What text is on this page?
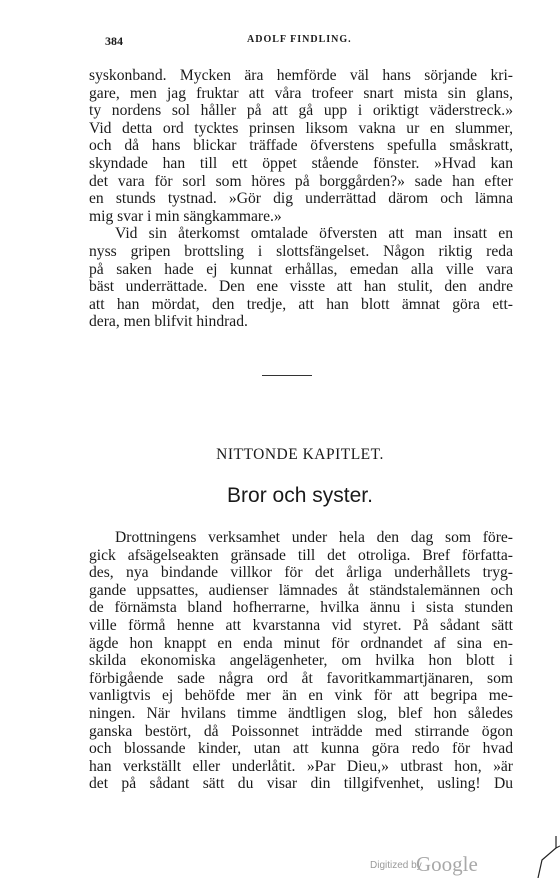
384	ADOLF FINDLING.
syskonband. Mycken ära hemförde väl hans sörjande kri-
gare, men jag fruktar att våra trofeer snart mista sin glans,
ty nordens sol håller på att gå upp i oriktigt väderstreck.»
Vid detta ord tycktes prinsen liksom vakna ur en slummer,
och då hans blickar träffade öfverstens spefulla småskratt,
skyndade han till ett öppet stående fönster. »Hvad kan
det vara för sorl som höres på borggården?» sade han efter
en stunds tystnad. »Gör dig underrättad därom och lämna
mig svar i min sängkammare.»
Vid sin återkomst omtalade öfversten att man insatt en
nyss gripen brottsling i slottsfängelset. Någon riktig reda
på saken hade ej kunnat erhållas, emedan alla ville vara
bäst underrättade. Den ene visste att han stulit, den andre
att han mördat, den tredje, att han blott ämnat göra ett-
dera, men blifvit hindrad.
NITTONDE KAPITLET.
Bror och syster.
Drottningens verksamhet under hela den dag som före-
gick afsägelseakten gränsade till det otroliga. Bref författa-
des, nya bindande villkor för det årliga underhållets tryg-
gande uppsattes, audienser lämnades åt ständstalemännen och
de förnämsta bland hofherrarne, hvilka ännu i sista stunden
ville förmå henne att kvarstanna vid styret. På sådant sätt
ägde hon knappt en enda minut för ordnandet af sina en-
skilda ekonomiska angelägenheter, om hvilka hon blott i
förbigående sade några ord åt favoritkammartjänaren, som
vanligtvis ej behöfde mer än en vink för att begripa me-
ningen. När hvilans timme ändtligen slog, blef hon således
ganska bestört, då Poissonnet inträdde med stirrande ögon
och blossande kinder, utan att kunna göra redo för hvad
han verkställt eller underlåtit. »Par Dieu,» utbrast hon, »är
det på sådant sätt du visar din tillgifvenhet, usling! Du
Digitized by
Google
